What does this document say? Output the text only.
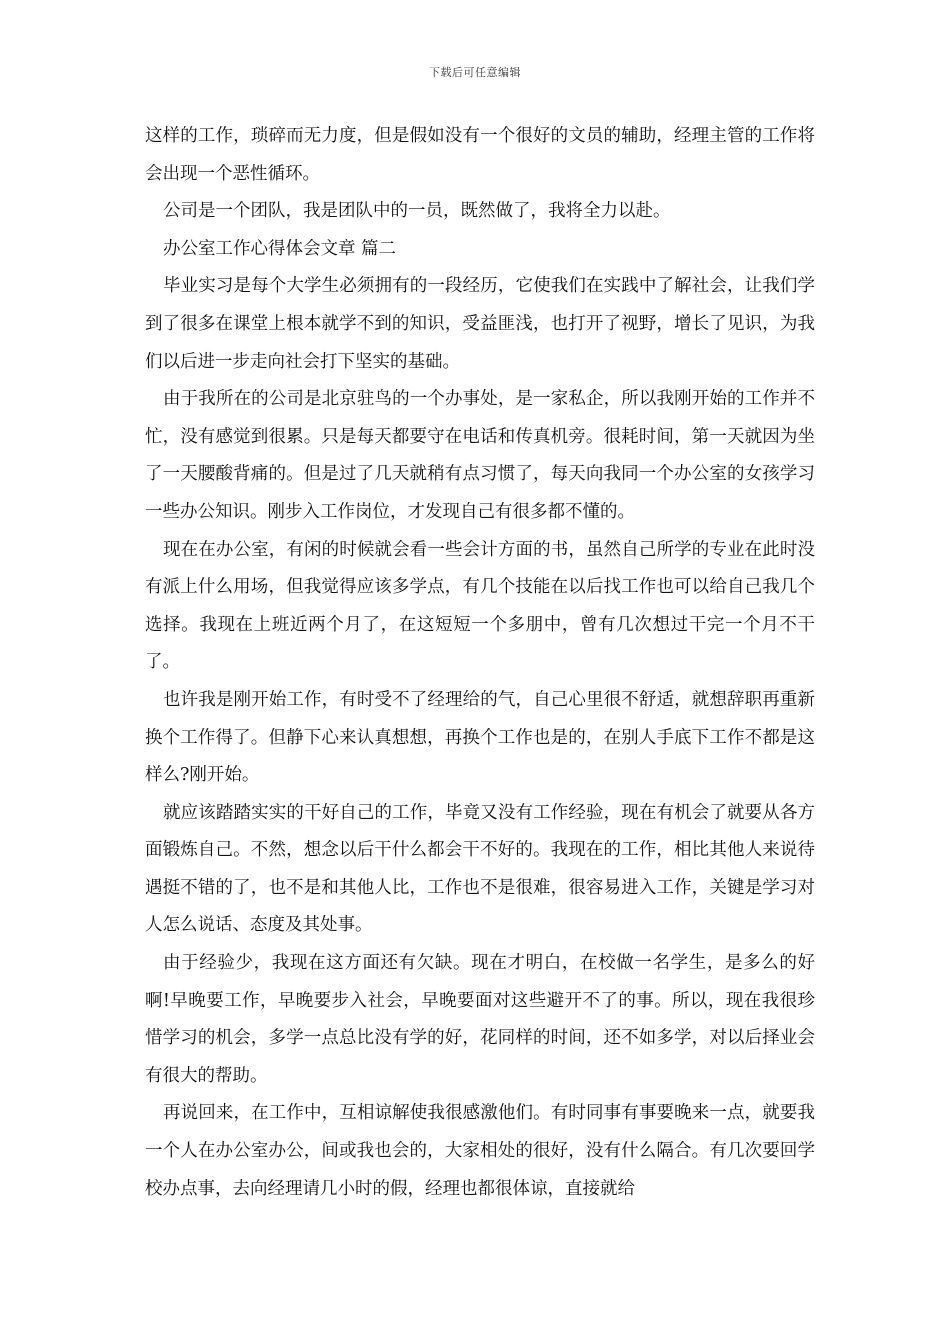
下载后可任意编辑

这样的工作，琐碎而无力度，但是假如没有一个很好的文员的辅助，经理主管的工作将会出现一个恶性循环。

公司是一个团队，我是团队中的一员，既然做了，我将全力以赴。

办公室工作心得体会文章 篇二

毕业实习是每个大学生必须拥有的一段经历，它使我们在实践中了解社会，让我们学到了很多在课堂上根本就学不到的知识，受益匪浅，也打开了视野，增长了见识，为我们以后进一步走向社会打下坚实的基础。

由于我所在的公司是北京驻鸟的一个办事处，是一家私企，所以我刚开始的工作并不忙，没有感觉到很累。只是每天都要守在电话和传真机旁。很耗时间，第一天就因为坐了一天腰酸背痛的。但是过了几天就稍有点习惯了，每天向我同一个办公室的女孩学习一些办公知识。刚步入工作岗位，才发现自己有很多都不懂的。

现在在办公室，有闲的时候就会看一些会计方面的书，虽然自己所学的专业在此时没有派上什么用场，但我觉得应该多学点，有几个技能在以后找工作也可以给自己我几个选择。我现在上班近两个月了，在这短短一个多朋中，曾有几次想过干完一个月不干了。

也许我是刚开始工作，有时受不了经理给的气，自己心里很不舒适，就想辞职再重新换个工作得了。但静下心来认真想想，再换个工作也是的，在别人手底下工作不都是这样么?刚开始。

就应该踏踏实实的干好自己的工作，毕竟又没有工作经验，现在有机会了就要从各方面锻炼自己。不然，想念以后干什么都会干不好的。我现在的工作，相比其他人来说待遇挺不错的了，也不是和其他人比，工作也不是很难，很容易进入工作，关键是学习对人怎么说话、态度及其处事。

由于经验少，我现在这方面还有欠缺。现在才明白，在校做一名学生，是多么的好啊!早晚要工作，早晚要步入社会，早晚要面对这些避开不了的事。所以，现在我很珍惜学习的机会，多学一点总比没有学的好，花同样的时间，还不如多学，对以后择业会有很大的帮助。

再说回来，在工作中，互相谅解使我很感激他们。有时同事有事要晚来一点，就要我一个人在办公室办公，间或我也会的，大家相处的很好，没有什么隔合。有几次要回学校办点事，去向经理请几小时的假，经理也都很体谅，直接就给
